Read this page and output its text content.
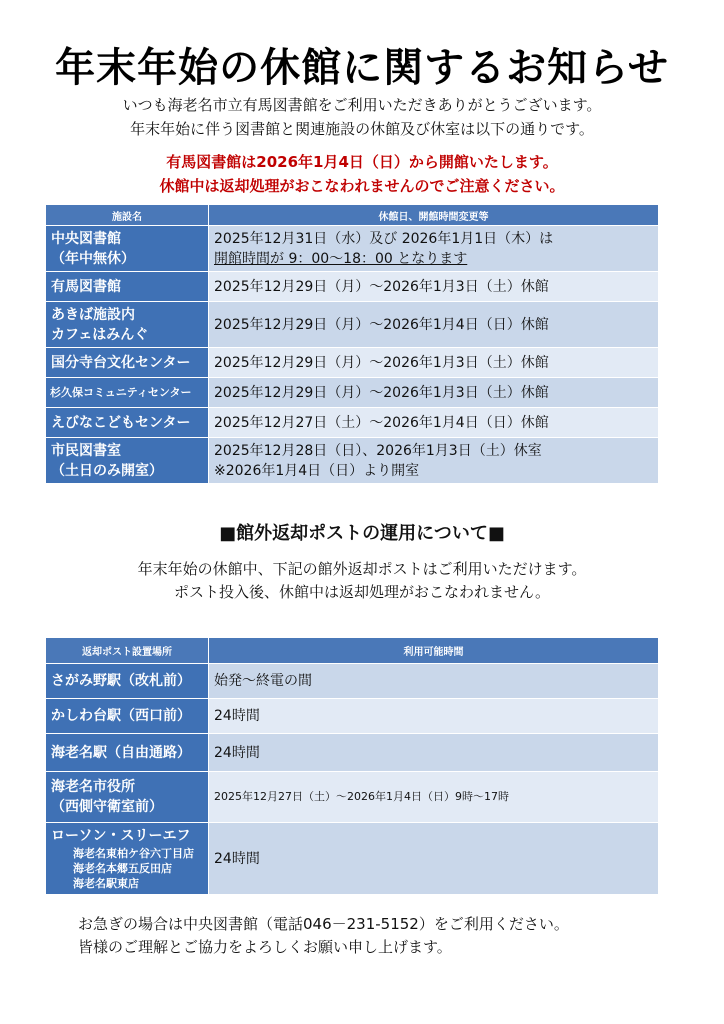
年末年始の休館に関するお知らせ
いつも海老名市立有馬図書館をご利用いただきありがとうございます。
年末年始に伴う図書館と関連施設の休館及び休室は以下の通りです。
有馬図書館は2026年1月4日（日）から開館いたします。
休館中は返却処理がおこなわれませんのでご注意ください。
施設名	休館日、開館時間変更等
中央図書館
（年中無休）	2025年12月31日（水）及び 2026年1月1日（木）は
開館時間が 9：00～18：00 となります
有馬図書館	2025年12月29日（月）～2026年1月3日（土）休館
あきば施設内
カフェはみんぐ	2025年12月29日（月）～2026年1月4日（日）休館
国分寺台文化センター	2025年12月29日（月）～2026年1月3日（土）休館
杉久保コミュニティセンター	2025年12月29日（月）～2026年1月3日（土）休館
えびなこどもセンター	2025年12月27日（土）～2026年1月4日（日）休館
市民図書室
（土日のみ開室）	2025年12月28日（日）、2026年1月3日（土）休室
※2026年1月4日（日）より開室
■館外返却ポストの運用について■
年末年始の休館中、下記の館外返却ポストはご利用いただけます。
ポスト投入後、休館中は返却処理がおこなわれません。
返却ポスト設置場所	利用可能時間
さがみ野駅（改札前）	始発～終電の間
かしわ台駅（西口前）	24時間
海老名駅（自由通路）	24時間
海老名市役所
（西側守衛室前）	2025年12月27日（土）～2026年1月4日（日）9時～17時
ローソン・スリーエフ
海老名東柏ケ谷六丁目店
海老名本郷五反田店
海老名駅東店	24時間
お急ぎの場合は中央図書館（電話046－231-5152）をご利用ください。
皆様のご理解とご協力をよろしくお願い申し上げます。
